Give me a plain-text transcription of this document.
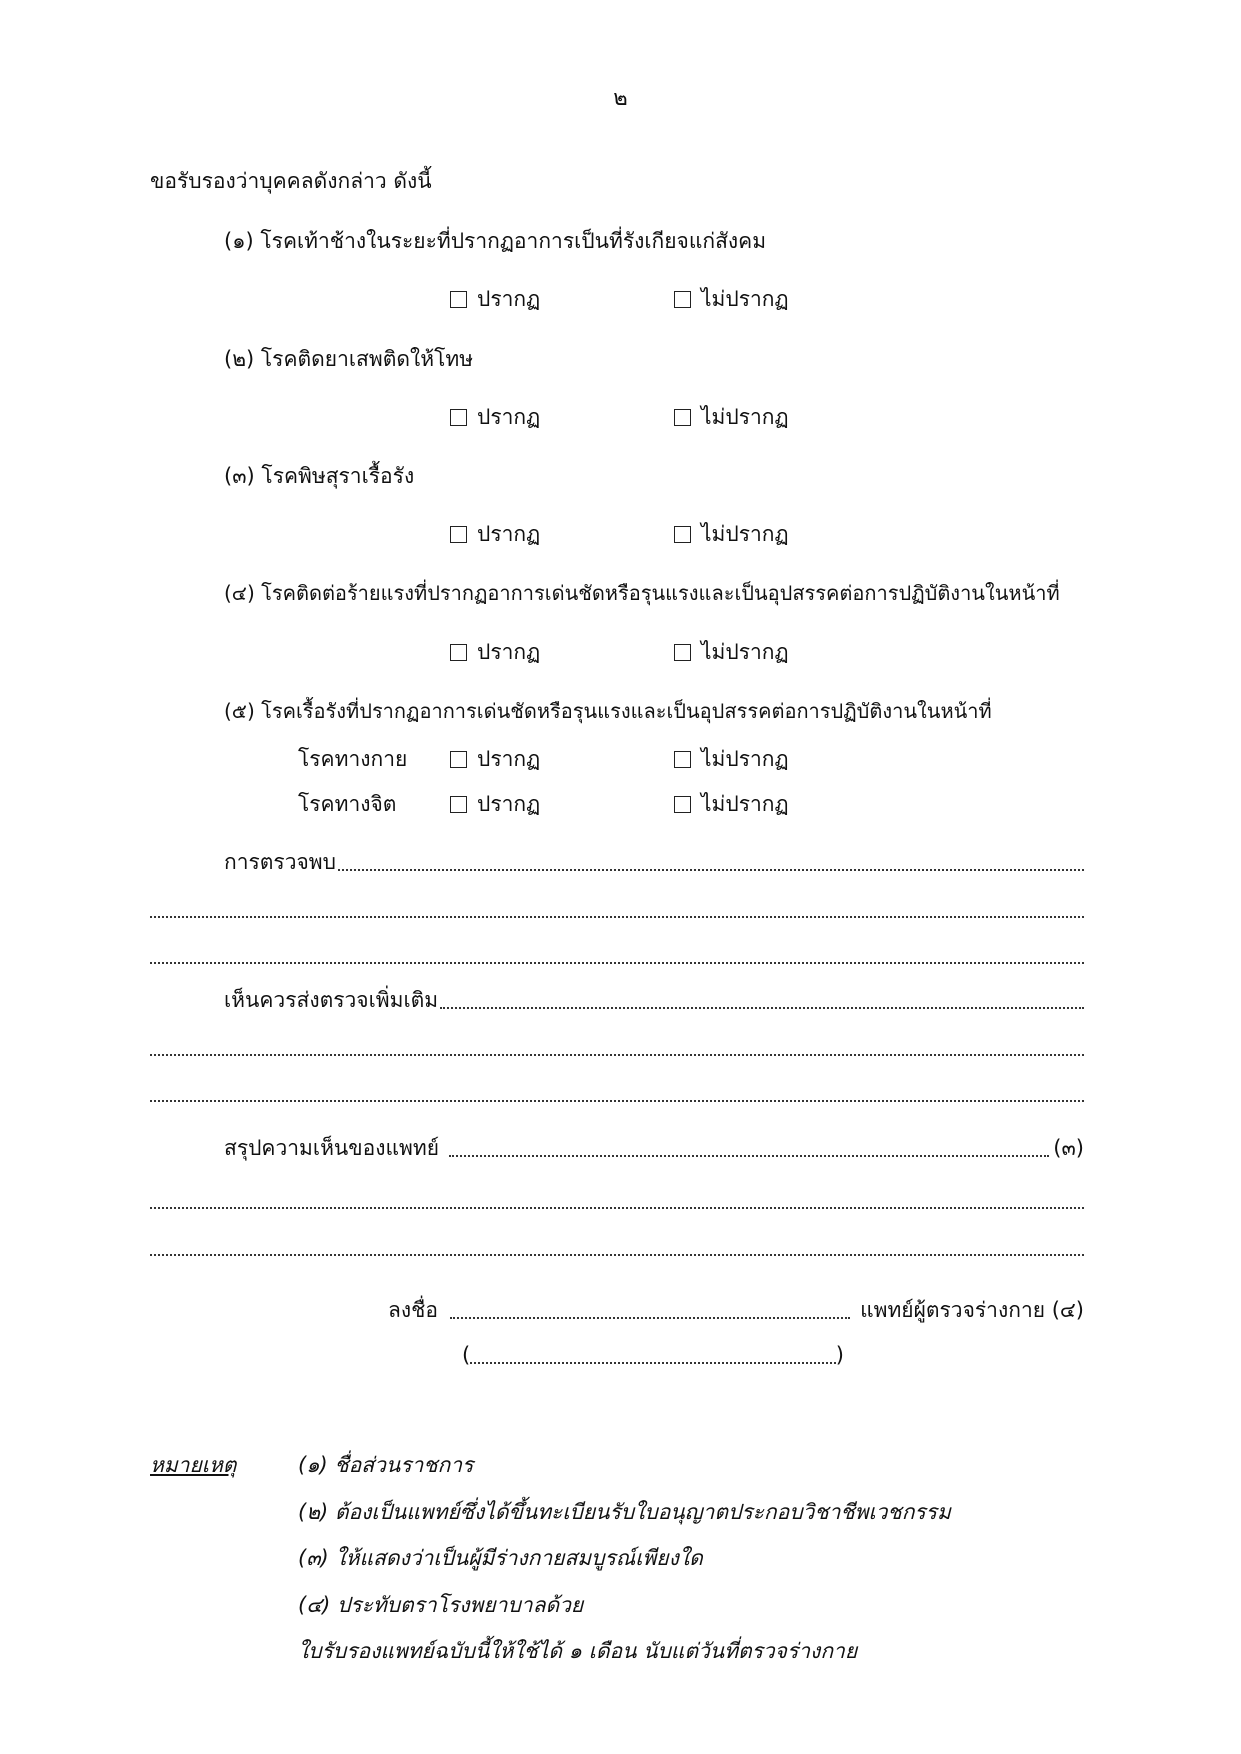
๒
ขอรับรองว่าบุคคลดังกล่าว ดังนี้
(๑) โรคเท้าช้างในระยะที่ปรากฏอาการเป็นที่รังเกียจแก่สังคม
ปรากฏ	ไม่ปรากฏ
(๒) โรคติดยาเสพติดให้โทษ
ปรากฏ	ไม่ปรากฏ
(๓) โรคพิษสุราเรื้อรัง
ปรากฏ	ไม่ปรากฏ
(๔) โรคติดต่อร้ายแรงที่ปรากฏอาการเด่นชัดหรือรุนแรงและเป็นอุปสรรคต่อการปฏิบัติงานในหน้าที่
ปรากฏ	ไม่ปรากฏ
(๕) โรคเรื้อรังที่ปรากฏอาการเด่นชัดหรือรุนแรงและเป็นอุปสรรคต่อการปฏิบัติงานในหน้าที่
โรคทางกาย	ปรากฏ	ไม่ปรากฏ
โรคทางจิต	ปรากฏ	ไม่ปรากฏ
การตรวจพบ
เห็นควรส่งตรวจเพิ่มเติม
สรุปความเห็นของแพทย์	(๓)
ลงชื่อ	แพทย์ผู้ตรวจร่างกาย (๔)
(	)
หมายเหตุ	(๑) ชื่อส่วนราชการ
(๒) ต้องเป็นแพทย์ซึ่งได้ขึ้นทะเบียนรับใบอนุญาตประกอบวิชาชีพเวชกรรม
(๓) ให้แสดงว่าเป็นผู้มีร่างกายสมบูรณ์เพียงใด
(๔) ประทับตราโรงพยาบาลด้วย
ใบรับรองแพทย์ฉบับนี้ให้ใช้ได้ ๑ เดือน นับแต่วันที่ตรวจร่างกาย
